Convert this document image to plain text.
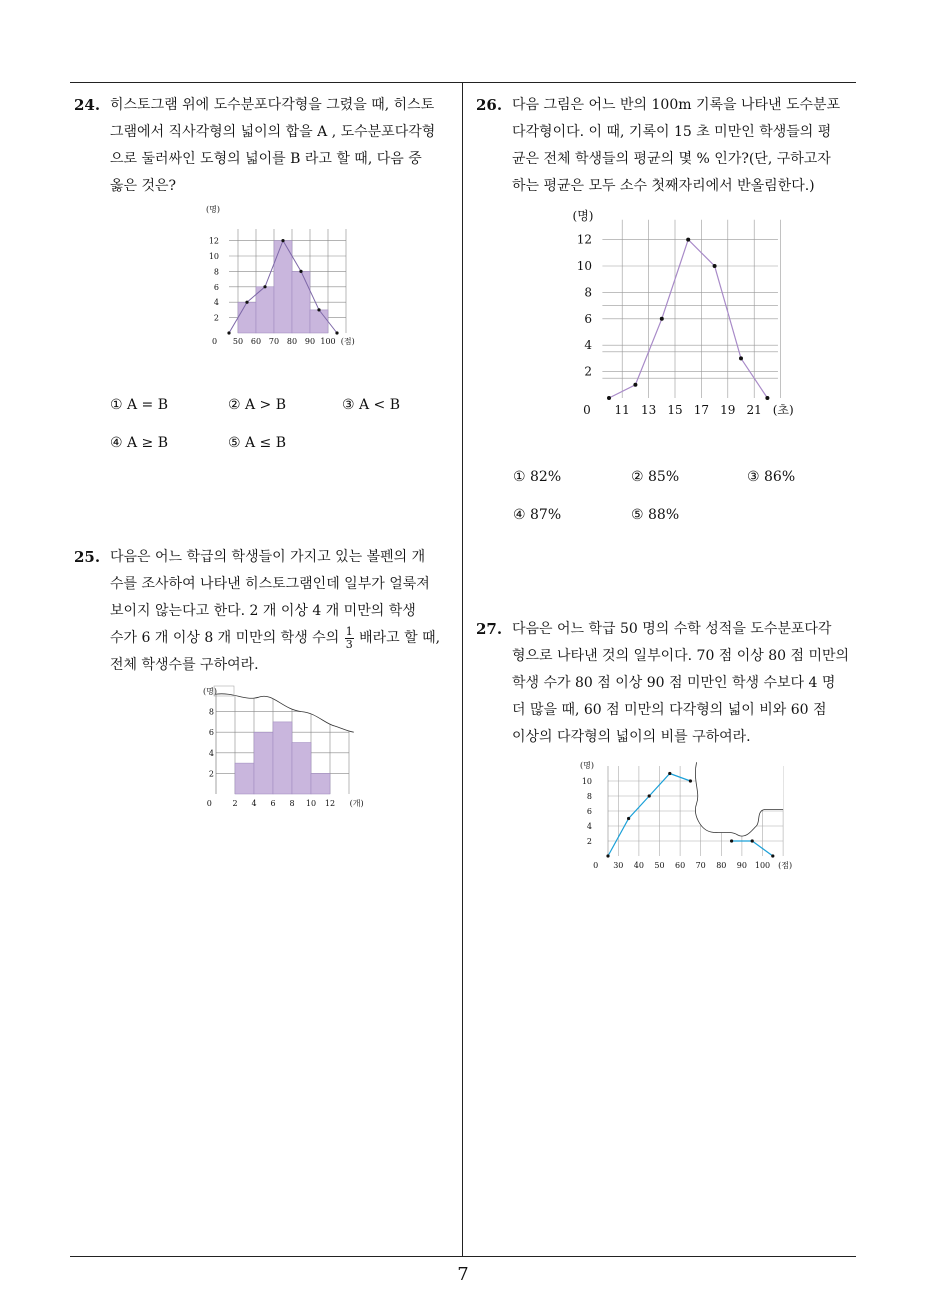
24. 히스토그램 위에 도수분포다각형을 그렸을 때, 히스토

그램에서 직사각형의 넓이의 합을 A , 도수분포다각형

으로 둘러싸인 도형의 넓이를 B 라고 할 때, 다음 중

옳은 것은?

2
4
6
8
10
12
(명)
0 50 60 70 80 90 100 (점)
① A = B	② A > B	③ A < B
④ A ≥ B	⑤ A ≤ B
25. 다음은 어느 학급의 학생들이 가지고 있는 볼펜의 개

수를 조사하여 나타낸 히스토그램인데 일부가 얼룩져

보이지 않는다고 한다. 2 개 이상 4 개 미만의 학생

수가 6 개 이상 8 개 미만의 학생 수의 $\frac{1}{3}$ 배라고 할 때,

전체 학생수를 구하여라.

2
4
6
8
(명)
0	2 4 6 8 10 12 (개)
26. 다음 그림은 어느 반의 100m 기록을 나타낸 도수분포

다각형이다. 이 때, 기록이 15 초 미만인 학생들의 평

균은 전체 학생들의 평균의 몇 % 인가?(단, 구하고자

하는 평균은 모두 소수 첫째자리에서 반올림한다.)

2
4
6
8
10
12
(명)
0 11 13 15 17 19 21 (초)
① 82%	② 85%	③ 86%
④ 87%	⑤ 88%
27. 다음은 어느 학급 50 명의 수학 성적을 도수분포다각

형으로 나타낸 것의 일부이다. 70 점 이상 80 점 미만의

학생 수가 80 점 이상 90 점 미만인 학생 수보다 4 명

더 많을 때, 60 점 미만의 다각형의 넓이 비와 60 점

이상의 다각형의 넓이의 비를 구하여라.

2
4
6
8
10
(명)
0 30 40 50 60 70 80 90 100 (점)
7
